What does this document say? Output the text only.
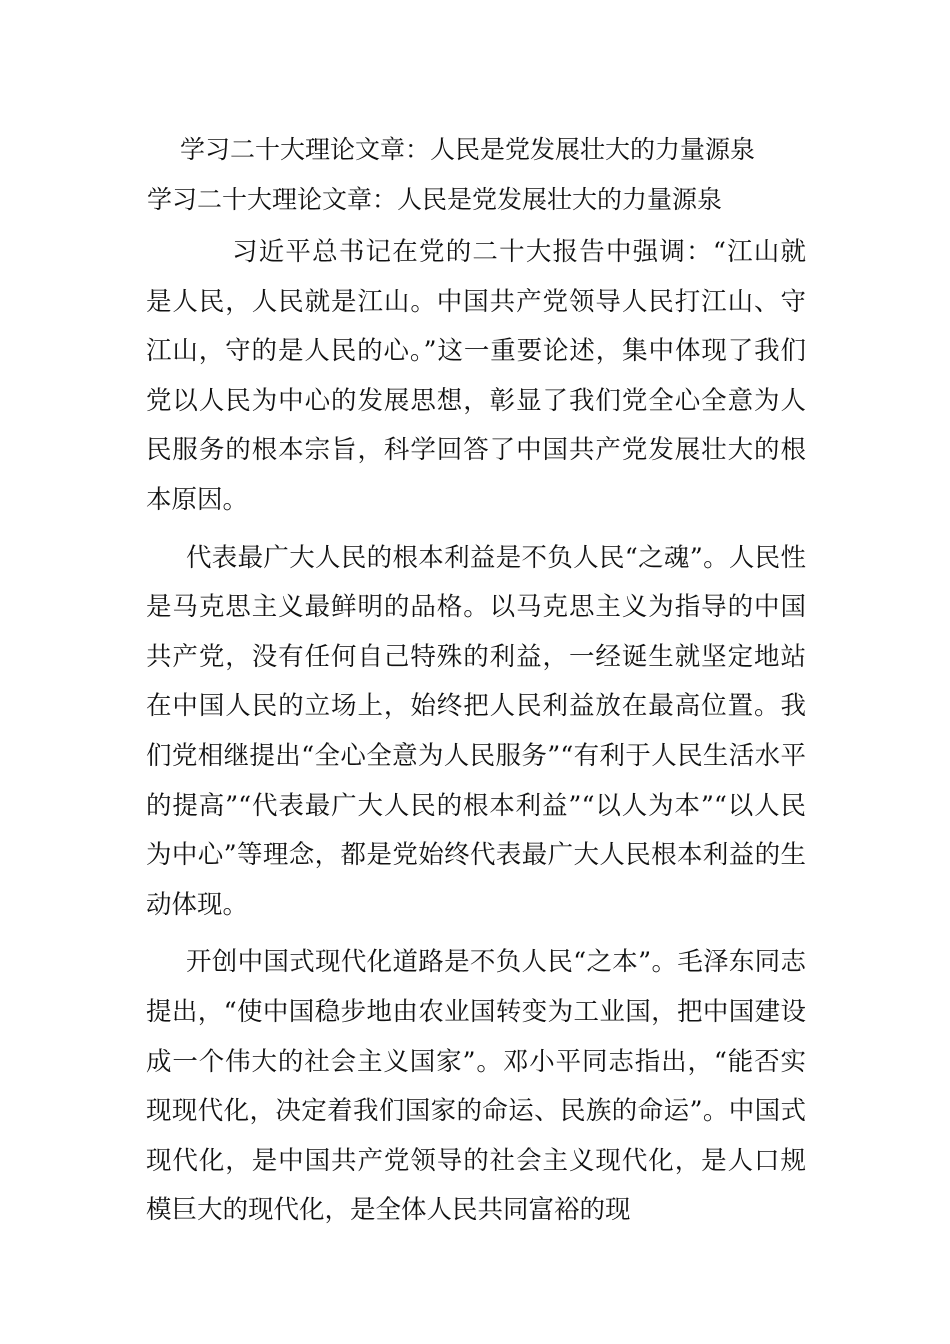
学习二十大理论文章：人民是党发展壮大的力量源泉
学习二十大理论文章：人民是党发展壮大的力量源泉

习近平总书记在党的二十大报告中强调：“江山就是人民，人民就是江山。中国共产党领导人民打江山、守江山，守的是人民的心。”这一重要论述，集中体现了我们党以人民为中心的发展思想，彰显了我们党全心全意为人民服务的根本宗旨，科学回答了中国共产党发展壮大的根本原因。

代表最广大人民的根本利益是不负人民“之魂”。人民性是马克思主义最鲜明的品格。以马克思主义为指导的中国共产党，没有任何自己特殊的利益，一经诞生就坚定地站在中国人民的立场上，始终把人民利益放在最高位置。我们党相继提出“全心全意为人民服务”“有利于人民生活水平的提高”“代表最广大人民的根本利益”“以人为本”“以人民为中心”等理念，都是党始终代表最广大人民根本利益的生动体现。

开创中国式现代化道路是不负人民“之本”。毛泽东同志提出，“使中国稳步地由农业国转变为工业国，把中国建设成一个伟大的社会主义国家”。邓小平同志指出，“能否实现现代化，决定着我们国家的命运、民族的命运”。中国式现代化，是中国共产党领导的社会主义现代化，是人口规模巨大的现代化，是全体人民共同富裕的现
